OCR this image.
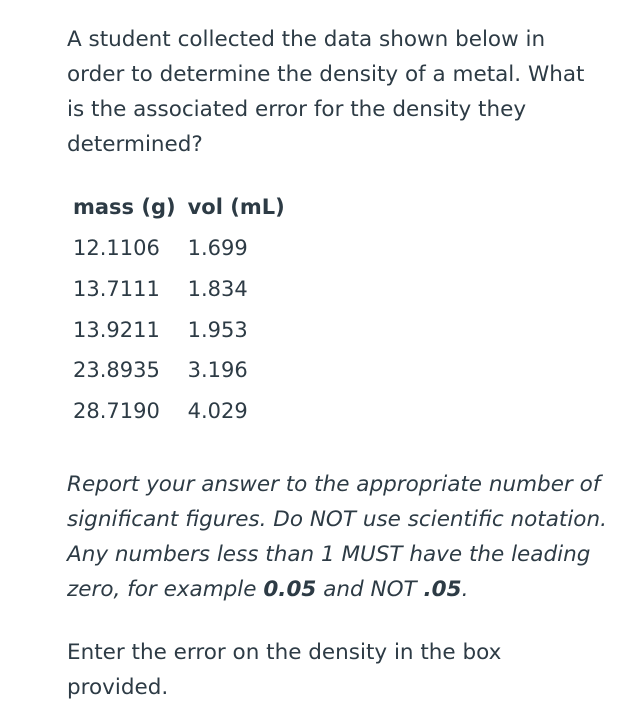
A student collected the data shown below in order to determine the density of a metal. What is the associated error for the density they determined?

mass (g)	vol (mL)
12.1106	1.699
13.7111	1.834
13.9211	1.953
23.8935	3.196
28.7190	4.029

Report your answer to the appropriate number of significant figures. Do NOT use scientific notation. Any numbers less than 1 MUST have the leading zero, for example 0.05 and NOT .05.

Enter the error on the density in the box provided.
